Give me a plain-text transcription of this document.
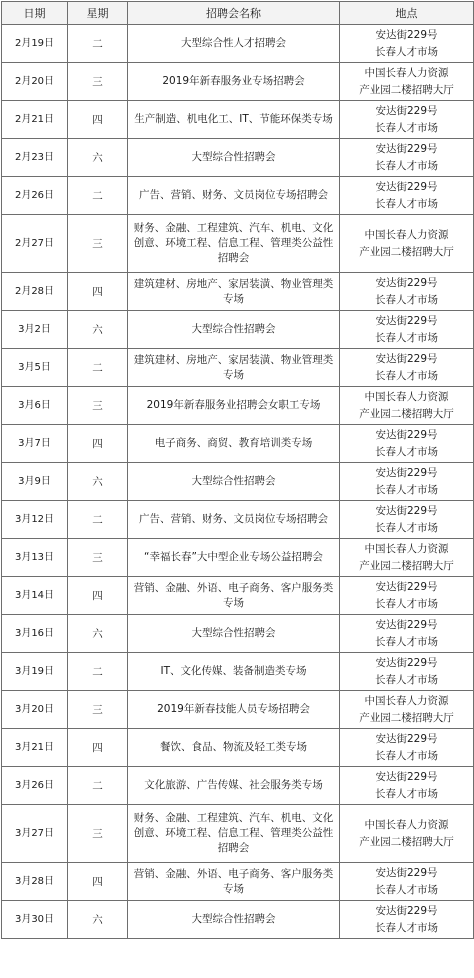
日期	星期	招聘会名称	地点
2月19日	二	大型综合性人才招聘会	安达街229号
长春人才市场

2月20日	三	2019年新春服务业专场招聘会	中国长春人力资源
产业园二楼招聘大厅

2月21日	四	生产制造、机电化工、IT、节能环保类专场	安达街229号
长春人才市场

2月23日	六	大型综合性招聘会	安达街229号
长春人才市场

2月26日	二	广告、营销、财务、文员岗位专场招聘会	安达街229号
长春人才市场

2月27日	三	财务、金融、工程建筑、汽车、机电、文化创意、环境工程、信息工程、管理类公益性招聘会	中国长春人力资源
产业园二楼招聘大厅

2月28日	四	建筑建材、房地产、家居装潢、物业管理类专场	安达街229号
长春人才市场

3月2日	六	大型综合性招聘会	安达街229号
长春人才市场

3月5日	二	建筑建材、房地产、家居装潢、物业管理类专场	安达街229号
长春人才市场

3月6日	三	2019年新春服务业招聘会女职工专场	中国长春人力资源
产业园二楼招聘大厅

3月7日	四	电子商务、商贸、教育培训类专场	安达街229号
长春人才市场

3月9日	六	大型综合性招聘会	安达街229号
长春人才市场

3月12日	二	广告、营销、财务、文员岗位专场招聘会	安达街229号
长春人才市场

3月13日	三	“幸福长春”大中型企业专场公益招聘会	中国长春人力资源
产业园二楼招聘大厅

3月14日	四	营销、金融、外语、电子商务、客户服务类专场	安达街229号
长春人才市场

3月16日	六	大型综合性招聘会	安达街229号
长春人才市场

3月19日	二	IT、文化传媒、装备制造类专场	安达街229号
长春人才市场

3月20日	三	2019年新春技能人员专场招聘会	中国长春人力资源
产业园二楼招聘大厅

3月21日	四	餐饮、食品、物流及轻工类专场	安达街229号
长春人才市场

3月26日	二	文化旅游、广告传媒、社会服务类专场	安达街229号
长春人才市场

3月27日	三	财务、金融、工程建筑、汽车、机电、文化创意、环境工程、信息工程、管理类公益性招聘会	中国长春人力资源
产业园二楼招聘大厅

3月28日	四	营销、金融、外语、电子商务、客户服务类专场	安达街229号
长春人才市场

3月30日	六	大型综合性招聘会	安达街229号
长春人才市场
